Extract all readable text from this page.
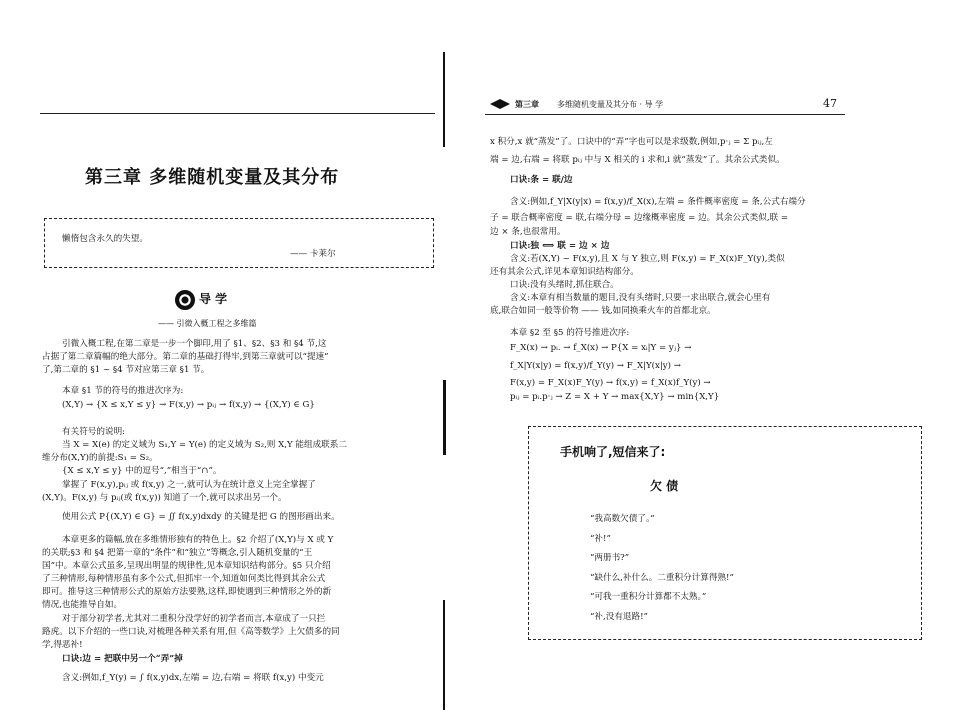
第三章 多维随机变量及其分布
懒惰包含永久的失望。
—— 卡莱尔
导 学
—— 引微入概工程之多维篇
引微入概工程,在第二章是一步一个脚印,用了 §1、§2、§3 和 §4 节,这
占据了第二章篇幅的绝大部分。第二章的基础打得牢,到第三章就可以“提速”
了,第二章的 §1 ~ §4 节对应第三章 §1 节。
本章 §1 节的符号的推进次序为:
(X,Y) → {X ≤ x,Y ≤ y} → F(x,y) → pᵢⱼ → f(x,y) → {(X,Y) ∈ G}
有关符号的说明:
当 X = X(e) 的定义域为 S₁,Y = Y(e) 的定义域为 S₂,则 X,Y 能组成联系二
维分布(X,Y)的前提:S₁ = S₂。
{X ≤ x,Y ≤ y} 中的逗号“,”相当于“∩”。
掌握了 F(x,y),pᵢⱼ 或 f(x,y) 之一,就可认为在统计意义上完全掌握了
(X,Y)。F(x,y) 与 pᵢⱼ(或 f(x,y)) 知道了一个,就可以求出另一个。
使用公式 P{(X,Y) ∈ G} = ∬ f(x,y)dxdy 的关键是把 G 的图形画出来。
本章更多的篇幅,放在多维情形独有的特色上。§2 介绍了(X,Y)与 X 或 Y
的关联;§3 和 §4 把第一章的“条件”和“独立”等概念,引人随机变量的“王
国”中。本章公式虽多,呈现出明显的规律性,见本章知识结构部分。§5 只介绍
了三种情形,每种情形虽有多个公式,但抓牢一个,知道如何类比得到其余公式
即可。推导这三种情形公式的原始方法要熟,这样,即使遇到三种情形之外的新
情况,也能推导自如。
对于部分初学者,尤其对二重积分没学好的初学者而言,本章成了一只拦
路虎。以下介绍的一些口诀,对梳理各种关系有用,但《高等数学》上欠债多的同
学,得恶补!
口诀:边 = 把联中另一个“弄”掉
含义:例如,f_Y(y) = ∫ f(x,y)dx,左端 = 边,右端 = 将联 f(x,y) 中变元
第三章 多维随机变量及其分布 · 导 学	47
x 积分,x 就“蒸发”了。口诀中的“弄”字也可以是求级数,例如,p·ⱼ = Σ pᵢⱼ,左
端 = 边,右端 = 将联 pᵢⱼ 中与 X 相关的 i 求和,i 就“蒸发”了。其余公式类似。
口诀:条 = 联/边
含义:例如,f_Y|X(y|x) = f(x,y)/f_X(x),左端 = 条件概率密度 = 条,公式右端分
子 = 联合概率密度 = 联,右端分母 = 边缘概率密度 = 边。其余公式类似,联 =
边 × 条,也很常用。
口诀:独 ⟺ 联 = 边 × 边
含义:若(X,Y) ~ F(x,y),且 X 与 Y 独立,则 F(x,y) = F_X(x)F_Y(y),类似
还有其余公式,详见本章知识结构部分。
口诀:没有头绪时,抓住联合。
含义:本章有相当数量的题目,没有头绪时,只要一求出联合,就会心里有
底,联合如同一般等价物 —— 钱,如同换乘火车的首都北京。
本章 §2 至 §5 的符号推进次序:
F_X(x) → pᵢ. → f_X(x) → P{X = xᵢ|Y = yⱼ} →
f_X|Y(x|y) = f(x,y)/f_Y(y) → F_X|Y(x|y) →
F(x,y) = F_X(x)F_Y(y) → f(x,y) = f_X(x)f_Y(y) →
pᵢⱼ = pᵢ.p·ⱼ → Z = X + Y → max{X,Y} → min{X,Y}
手机响了,短信来了:
欠 债
“我高数欠债了。”
“补!”
“两册书?”
“缺什么,补什么。二重积分计算得熟!”
“可我一重积分计算都不太熟。”
“补,没有退路!”
